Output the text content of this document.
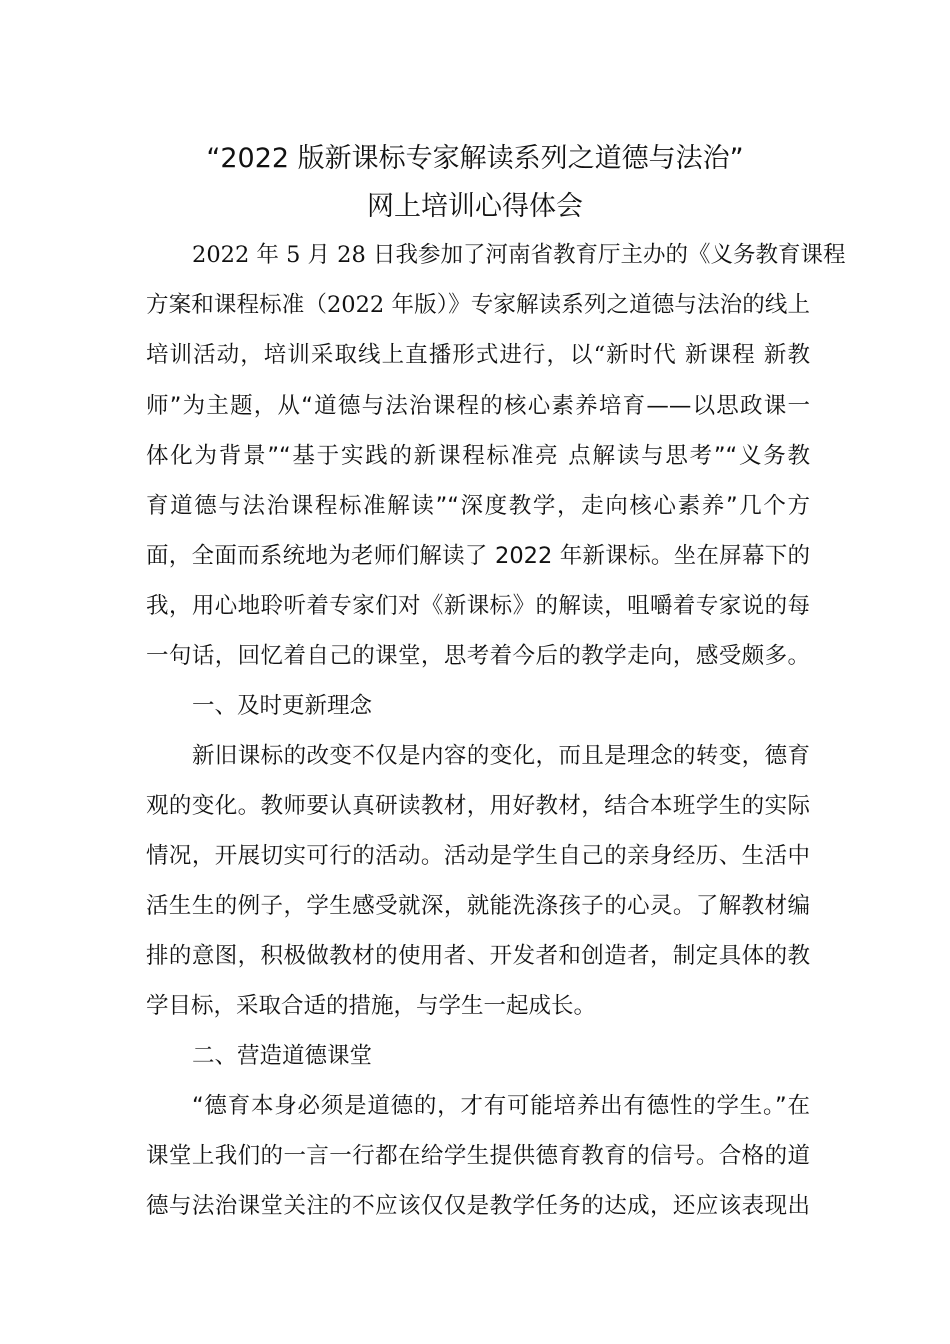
“2022 版新课标专家解读系列之道德与法治”
网上培训心得体会
2022 年 5 月 28 日我参加了河南省教育厅主办的《义务教育课程
方案和课程标准（2022 年版）》专家解读系列之道德与法治的线上
培训活动，培训采取线上直播形式进行，以“新时代 新课程 新教
师”为主题，从“道德与法治课程的核心素养培育——以思政课一
体化为背景”“基于实践的新课程标准亮 点解读与思考”“义务教
育道德与法治课程标准解读”“深度教学，走向核心素养”几个方
面，全面而系统地为老师们解读了 2022 年新课标。坐在屏幕下的
我，用心地聆听着专家们对《新课标》的解读，咀嚼着专家说的每
一句话，回忆着自己的课堂，思考着今后的教学走向，感受颇多。
一、及时更新理念
新旧课标的改变不仅是内容的变化，而且是理念的转变，德育
观的变化。教师要认真研读教材，用好教材，结合本班学生的实际
情况，开展切实可行的活动。活动是学生自己的亲身经历、生活中
活生生的例子，学生感受就深，就能洗涤孩子的心灵。了解教材编
排的意图，积极做教材的使用者、开发者和创造者，制定具体的教
学目标，采取合适的措施，与学生一起成长。
二、营造道德课堂
“德育本身必须是道德的，才有可能培养出有德性的学生。”在
课堂上我们的一言一行都在给学生提供德育教育的信号。合格的道
德与法治课堂关注的不应该仅仅是教学任务的达成，还应该表现出
